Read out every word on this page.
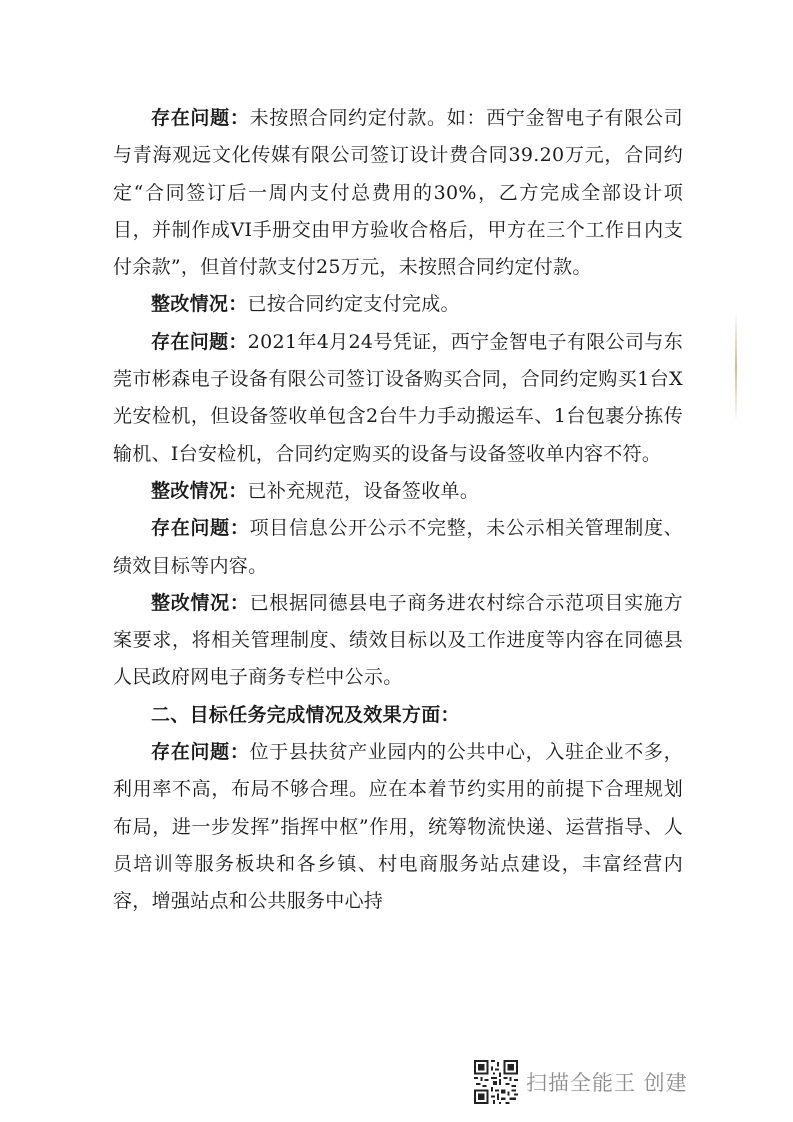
存在问题：未按照合同约定付款。如：西宁金智电子有限公司与青海观远文化传媒有限公司签订设计费合同39.20万元，合同约定“合同签订后一周内支付总费用的30%，乙方完成全部设计项目，并制作成VI手册交由甲方验收合格后，甲方在三个工作日内支付余款”，但首付款支付25万元，未按照合同约定付款。

整改情况：已按合同约定支付完成。

存在问题：2021年4月24号凭证，西宁金智电子有限公司与东莞市彬森电子设备有限公司签订设备购买合同，合同约定购买1台X光安检机，但设备签收单包含2台牛力手动搬运车、1台包裹分拣传输机、I台安检机，合同约定购买的设备与设备签收单内容不符。

整改情况：已补充规范，设备签收单。

存在问题：项目信息公开公示不完整，未公示相关管理制度、绩效目标等内容。

整改情况：已根据同德县电子商务进农村综合示范项目实施方案要求，将相关管理制度、绩效目标以及工作进度等内容在同德县人民政府网电子商务专栏中公示。

二、目标任务完成情况及效果方面：

存在问题：位于县扶贫产业园内的公共中心，入驻企业不多，利用率不高，布局不够合理。应在本着节约实用的前提下合理规划布局，进一步发挥”指挥中枢”作用，统筹物流快递、运营指导、人员培训等服务板块和各乡镇、村电商服务站点建设，丰富经营内容，增强站点和公共服务中心持

扫描全能王 创建
